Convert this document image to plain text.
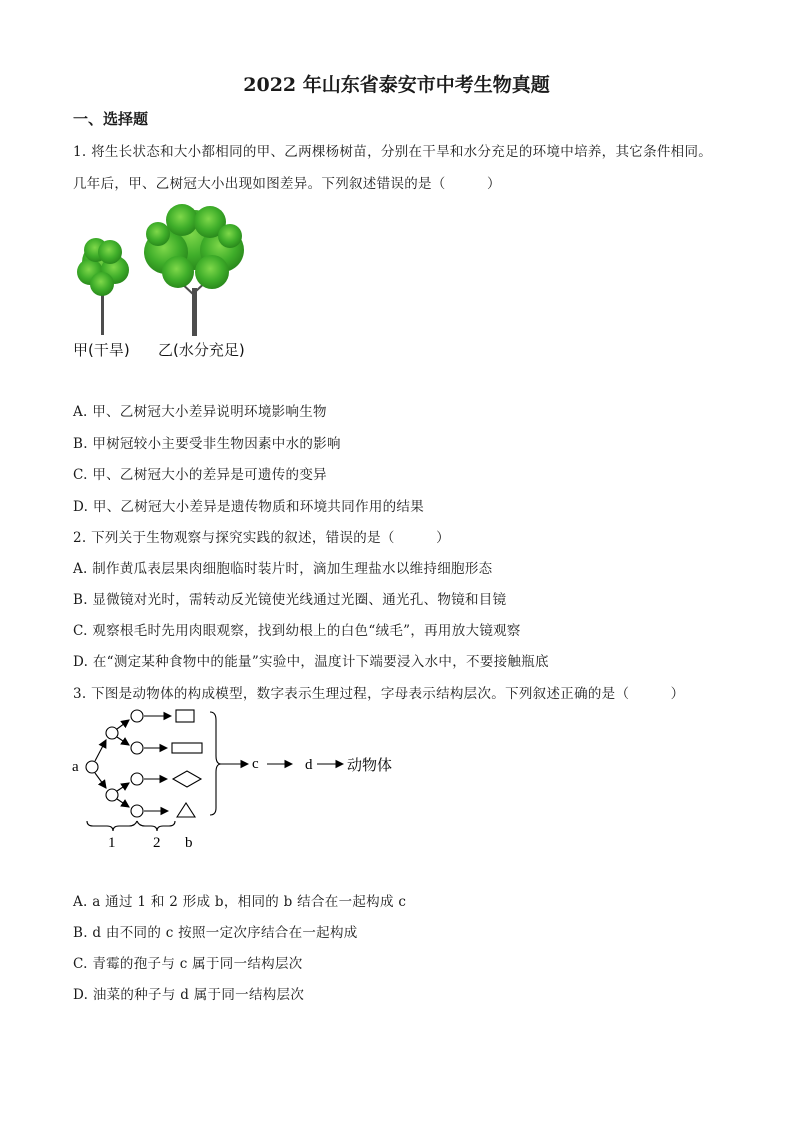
2022 年山东省泰安市中考生物真题
一、选择题
1. 将生长状态和大小都相同的甲、乙两棵杨树苗，分别在干旱和水分充足的环境中培养，其它条件相同。
几年后，甲、乙树冠大小出现如图差异。下列叙述错误的是（　　　）
甲(干旱) 乙(水分充足)
A. 甲、乙树冠大小差异说明环境影响生物
B. 甲树冠较小主要受非生物因素中水的影响
C. 甲、乙树冠大小的差异是可遗传的变异
D. 甲、乙树冠大小差异是遗传物质和环境共同作用的结果
2. 下列关于生物观察与探究实践的叙述，错误的是（　　　）
A. 制作黄瓜表层果肉细胞临时装片时，滴加生理盐水以维持细胞形态
B. 显微镜对光时，需转动反光镜使光线通过光圈、通光孔、物镜和目镜
C. 观察根毛时先用肉眼观察，找到幼根上的白色“绒毛”，再用放大镜观察
D. 在“测定某种食物中的能量”实验中，温度计下端要浸入水中，不要接触瓶底
3. 下图是动物体的构成模型，数字表示生理过程，字母表示结构层次。下列叙述正确的是（　　　）
a	c	d
1	2 b
动物体
A. a 通过 1 和 2 形成 b，相同的 b 结合在一起构成 c
B. d 由不同的 c 按照一定次序结合在一起构成
C. 青霉的孢子与 c 属于同一结构层次
D. 油菜的种子与 d 属于同一结构层次
